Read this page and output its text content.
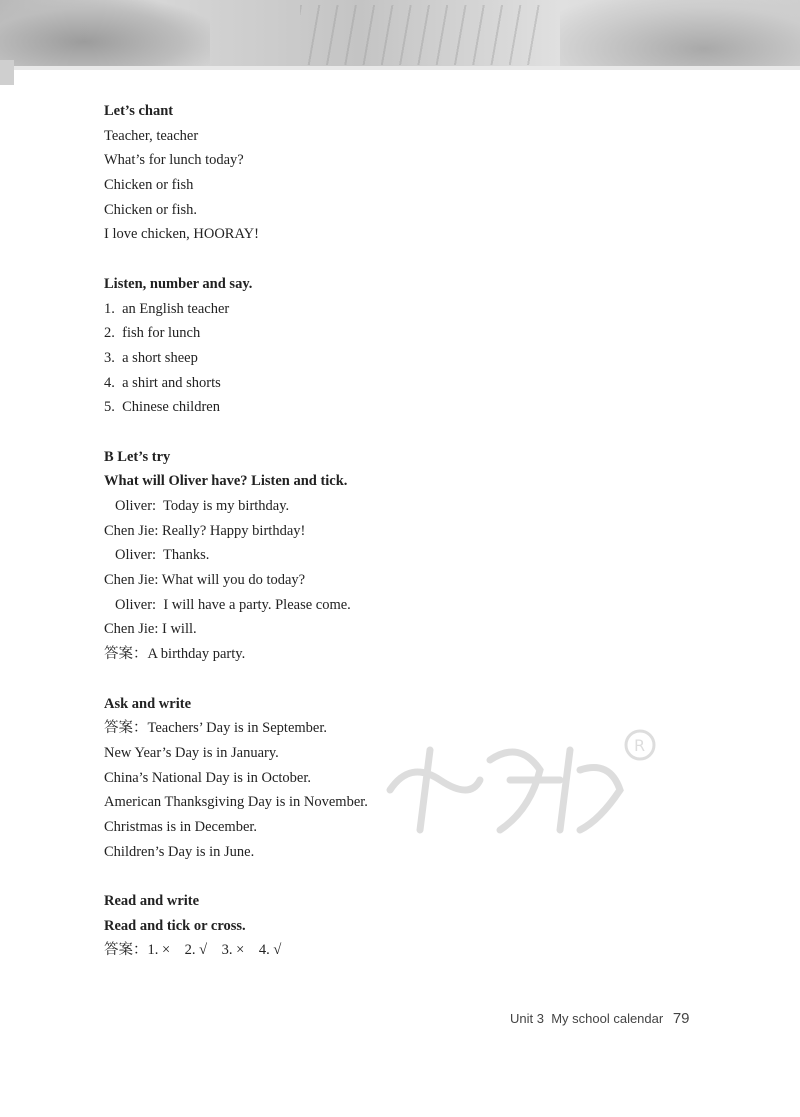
R
Let’s chant
Teacher, teacher
What’s for lunch today?
Chicken or fish
Chicken or fish.
I love chicken, HOORAY!
Listen, number and say.
1.  an English teacher
2.  fish for lunch
3.  a short sheep
4.  a shirt and shorts
5.  Chinese children
B Let’s try
What will Oliver have? Listen and tick.
Oliver:  Today is my birthday.
Chen Jie: Really? Happy birthday!
Oliver:  Thanks.
Chen Jie: What will you do today?
Oliver:  I will have a party. Please come.
Chen Jie: I will.
答案：A birthday party.
Ask and write
答案：Teachers’ Day is in September.
New Year’s Day is in January.
China’s National Day is in October.
American Thanksgiving Day is in November.
Christmas is in December.
Children’s Day is in June.
Read and write
Read and tick or cross.
答案：1. ×    2. √    3. ×    4. √
Unit 3 My school calendar 79
